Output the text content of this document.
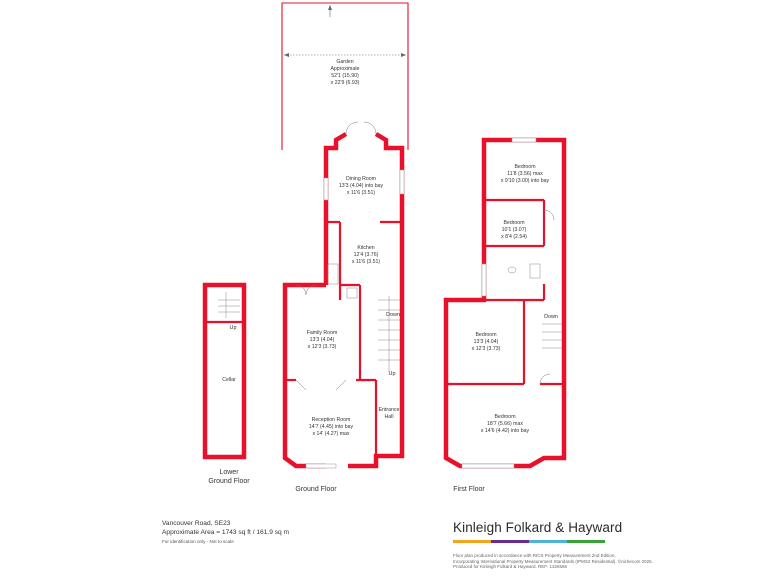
Garden
Approximate
52'1 (15.90)
x 22'9 (6.93)
Up
Cellar
Lower
Ground Floor
Dining Room
13'3 (4.04) into bay
x 11'6 (3.51)
Kitchen
12'4 (3.76)
x 11'6 (3.51)
Family Room
13'3 (4.04)
x 12'3 (3.73)
Reception Room
14'7 (4.45) into bay
x 14' (4.27) max
Entrance
Hall
Down
Up
Ground Floor
Bedroom
11'8 (3.56) max
x 9'10 (3.00) into bay
Bedroom
10'1 (3.07)
x 8'4 (2.54)
Bedroom
13'3 (4.04)
x 12'3 (3.73)
Bedroom
18'7 (5.66) max
x 14'6 (4.42) into bay
Down
First Floor
Vancouver Road, SE23
Approximate Area = 1743 sq ft / 161.9 sq m
For identification only - Not to scale
Kinleigh Folkard & Hayward
Floor plan produced in accordance with RICS Property Measurement 2nd Edition,
Incorporating International Property Measurement Standards (IPMS2 Residential). ©nichecom 2025.
Produced for Kinleigh Folkard & Hayward. REF: 1326566
